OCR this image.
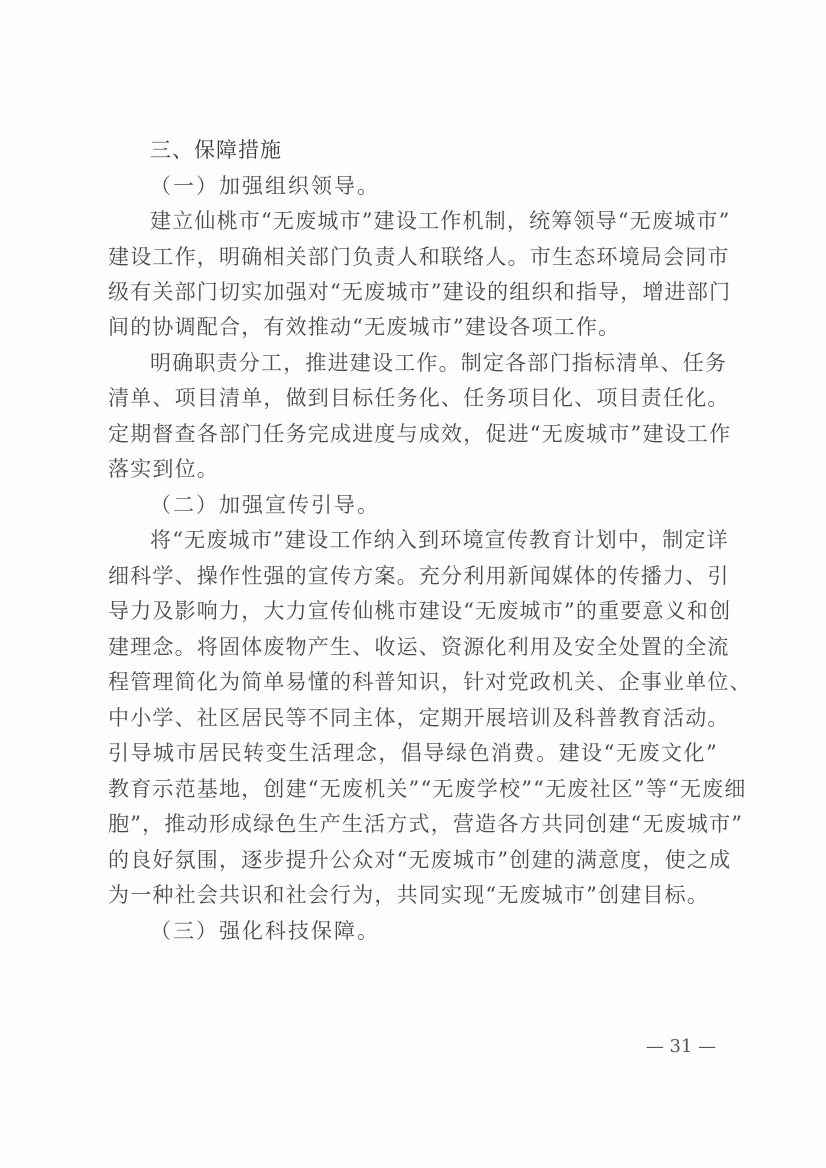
三、保障措施
（一）加强组织领导。
建立仙桃市“无废城市”建设工作机制，统筹领导“无废城市”
建设工作，明确相关部门负责人和联络人。市生态环境局会同市
级有关部门切实加强对“无废城市”建设的组织和指导，增进部门
间的协调配合，有效推动“无废城市”建设各项工作。
明确职责分工，推进建设工作。制定各部门指标清单、任务
清单、项目清单，做到目标任务化、任务项目化、项目责任化。
定期督查各部门任务完成进度与成效，促进“无废城市”建设工作
落实到位。
（二）加强宣传引导。
将“无废城市”建设工作纳入到环境宣传教育计划中，制定详
细科学、操作性强的宣传方案。充分利用新闻媒体的传播力、引
导力及影响力，大力宣传仙桃市建设“无废城市”的重要意义和创
建理念。将固体废物产生、收运、资源化利用及安全处置的全流
程管理简化为简单易懂的科普知识，针对党政机关、企事业单位、
中小学、社区居民等不同主体，定期开展培训及科普教育活动。
引导城市居民转变生活理念，倡导绿色消费。建设“无废文化”
教育示范基地，创建“无废机关”“无废学校”“无废社区”等“无废细
胞”，推动形成绿色生产生活方式，营造各方共同创建“无废城市”
的良好氛围，逐步提升公众对“无废城市”创建的满意度，使之成
为一种社会共识和社会行为，共同实现“无废城市”创建目标。
（三）强化科技保障。
— 31 —
